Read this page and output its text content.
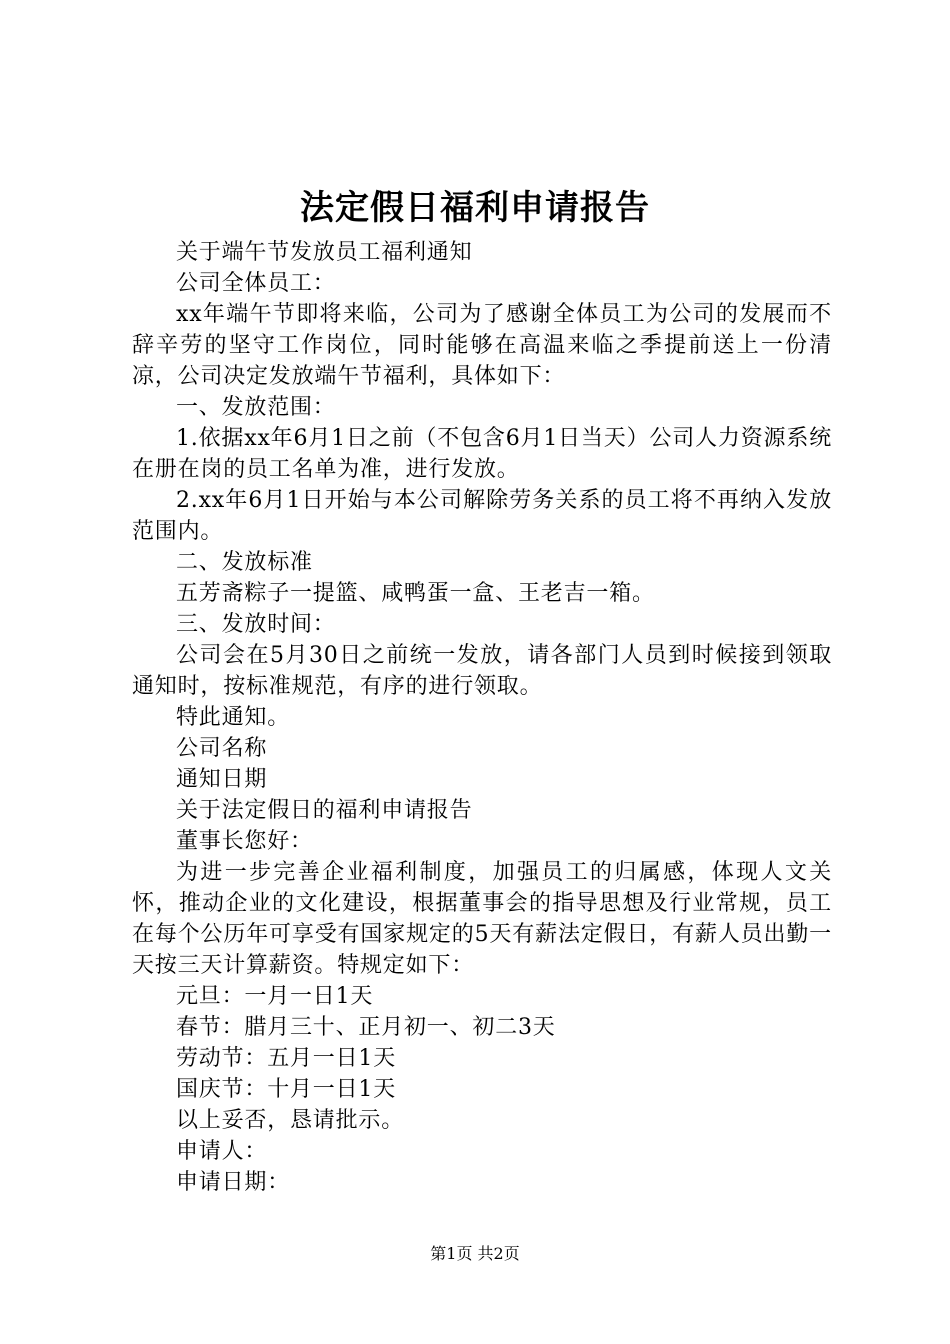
法定假日福利申请报告

关于端午节发放员工福利通知

公司全体员工：

xx年端午节即将来临，公司为了感谢全体员工为公司的发展而不辞辛劳的坚守工作岗位，同时能够在高温来临之季提前送上一份清凉，公司决定发放端午节福利，具体如下：

一、发放范围：

1.依据xx年6月1日之前（不包含6月1日当天）公司人力资源系统在册在岗的员工名单为准，进行发放。

2.xx年6月1日开始与本公司解除劳务关系的员工将不再纳入发放范围内。

二、发放标准

五芳斋粽子一提篮、咸鸭蛋一盒、王老吉一箱。

三、发放时间：

公司会在5月30日之前统一发放，请各部门人员到时候接到领取通知时，按标准规范，有序的进行领取。

特此通知。

公司名称

通知日期

关于法定假日的福利申请报告

董事长您好：

为进一步完善企业福利制度，加强员工的归属感，体现人文关怀，推动企业的文化建设，根据董事会的指导思想及行业常规，员工在每个公历年可享受有国家规定的5天有薪法定假日，有薪人员出勤一天按三天计算薪资。特规定如下：

元旦：一月一日1天

春节：腊月三十、正月初一、初二3天

劳动节：五月一日1天

国庆节：十月一日1天

以上妥否，恳请批示。

申请人：

申请日期：

第1页 共2页
